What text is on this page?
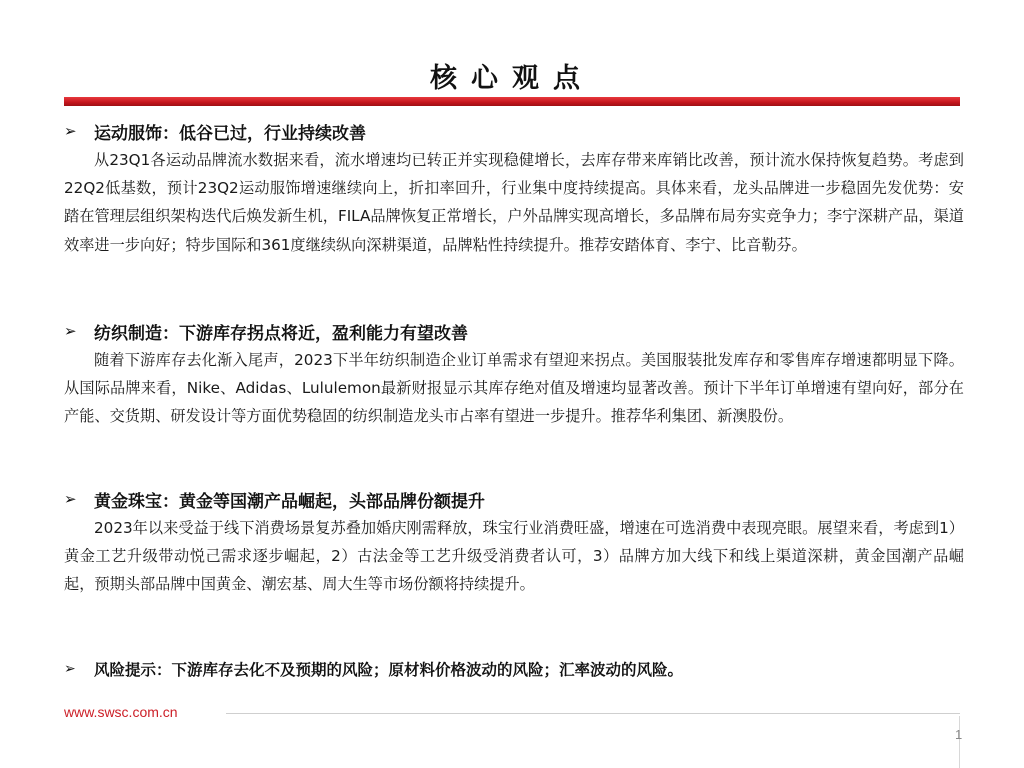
核心观点
➢	运动服饰：低谷已过，行业持续改善
从23Q1各运动品牌流水数据来看，流水增速均已转正并实现稳健增长，去库存带来库销比改善，预计流水保持恢复趋势。考虑到22Q2低基数，预计23Q2运动服饰增速继续向上，折扣率回升，行业集中度持续提高。具体来看，龙头品牌进一步稳固先发优势：安踏在管理层组织架构迭代后焕发新生机，FILA品牌恢复正常增长，户外品牌实现高增长，多品牌布局夯实竞争力；李宁深耕产品，渠道效率进一步向好；特步国际和361度继续纵向深耕渠道，品牌粘性持续提升。推荐安踏体育、李宁、比音勒芬。
➢	纺织制造：下游库存拐点将近，盈利能力有望改善
随着下游库存去化渐入尾声，2023下半年纺织制造企业订单需求有望迎来拐点。美国服装批发库存和零售库存增速都明显下降。从国际品牌来看，Nike、Adidas、Lululemon最新财报显示其库存绝对值及增速均显著改善。预计下半年订单增速有望向好，部分在产能、交货期、研发设计等方面优势稳固的纺织制造龙头市占率有望进一步提升。推荐华利集团、新澳股份。
➢	黄金珠宝：黄金等国潮产品崛起，头部品牌份额提升
2023年以来受益于线下消费场景复苏叠加婚庆刚需释放，珠宝行业消费旺盛，增速在可选消费中表现亮眼。展望来看，考虑到1）黄金工艺升级带动悦己需求逐步崛起，2）古法金等工艺升级受消费者认可，3）品牌方加大线下和线上渠道深耕，黄金国潮产品崛起，预期头部品牌中国黄金、潮宏基、周大生等市场份额将持续提升。
➢	风险提示：下游库存去化不及预期的风险；原材料价格波动的风险；汇率波动的风险。
www.swsc.com.cn
1
